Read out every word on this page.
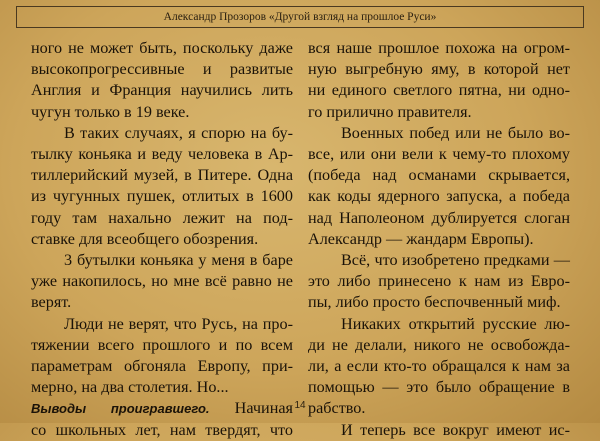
Александр Прозоров «Другой взгляд на прошлое Руси»

ного не может быть, поскольку даже

высокопрогрессивные и развитые

Англия и Франция научились лить

чугун только в 19 веке.

В таких случаях, я спорю на бу-

тылку коньяка и веду человека в Ар-

тиллерийский музей, в Питере. Одна

из чугунных пушек, отлитых в 1600

году там нахально лежит на под-

ставке для всеобщего обозрения.

3 бутылки коньяка у меня в баре

уже накопилось, но мне всё равно не

верят.

Люди не верят, что Русь, на про-

тяжении всего прошлого и по всем

параметрам обгоняла Европу, при-

мерно, на два столетия. Но...

Выводы проигравшего. Начиная

со школьных лет, нам твердят, что

вся наше прошлое похожа на огром-

ную выгребную яму, в которой нет

ни единого светлого пятна, ни одно-

го прилично правителя.

Военных побед или не было во-

все, или они вели к чему-то плохому

(победа над османами скрывается,

как коды ядерного запуска, а победа

над Наполеоном дублируется слоган

Александр — жандарм Европы).

Всё, что изобретено предками —

это либо принесено к нам из Евро-

пы, либо просто беспочвенный миф.

Никаких открытий русские лю-

ди не делали, никого не освобожда-

ли, а если кто-то обращался к нам за

помощью — это было обращение в

рабство.

И теперь все вокруг имеют ис-

14
